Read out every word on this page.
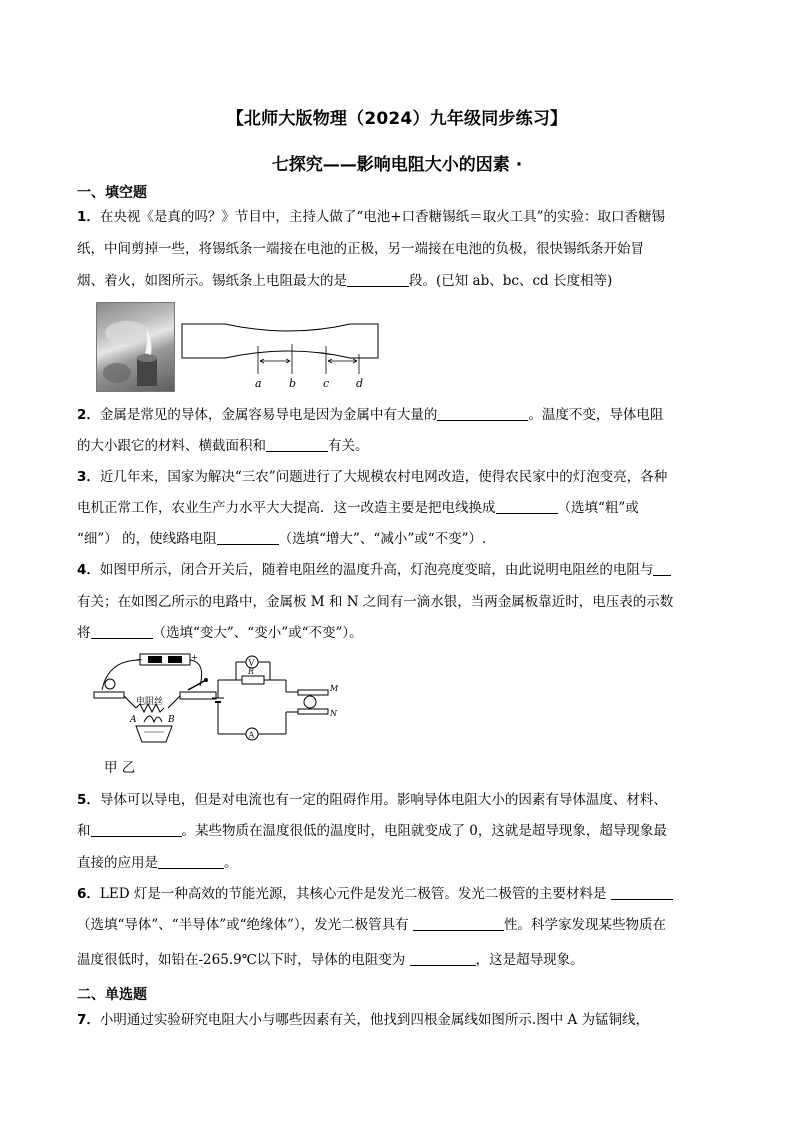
【北师大版物理（2024）九年级同步练习】
七探究——影响电阻大小的因素 ·
一、填空题
1．在央视《是真的吗？》节目中，主持人做了“电池+口香糖锡纸＝取火工具”的实验：取口香糖锡
纸，中间剪掉一些，将锡纸条一端接在电池的正极，另一端接在电池的负极，很快锡纸条开始冒
烟、着火，如图所示。锡纸条上电阻最大的是	段。(已知 ab、bc、cd 长度相等)
a b c d
2．金属是常见的导体，金属容易导电是因为金属中有大量的	。温度不变，导体电阻
的大小跟它的材料、横截面积和	有关。
3．近几年来，国家为解决“三农”问题进行了大规模农村电网改造，使得农民家中的灯泡变亮，各种
电机正常工作，农业生产力水平大大提高．这一改造主要是把电线换成	（选填“粗”或
“细”） 的，使线路电阻	（选填“增大”、“减小”或“不变”）.
4．如图甲所示，闭合开关后，随着电阻丝的温度升高，灯泡亮度变暗，由此说明电阻丝的电阻与
有关；在如图乙所示的电路中，金属板 M 和 N 之间有一滴水银，当两金属板靠近时，电压表的示数
将	（选填“变大”、“变小”或“不变”）。
−	+
电阻丝
A	B
V
R
M
N
A
甲 乙
5．导体可以导电，但是对电流也有一定的阻碍作用。影响导体电阻大小的因素有导体温度、材料、
和	。某些物质在温度很低的温度时，电阻就变成了 0，这就是超导现象，超导现象最
直接的应用是	。
6．LED 灯是一种高效的节能光源，其核心元件是发光二极管。发光二极管的主要材料是
（选填“导体”、“半导体”或“绝缘体”），发光二极管具有	性。科学家发现某些物质在
温度很低时，如铅在-265.9℃以下时，导体的电阻变为	，这是超导现象。
二、单选题
7．小明通过实验研究电阻大小与哪些因素有关，他找到四根金属线如图所示.图中 A 为锰铜线，
